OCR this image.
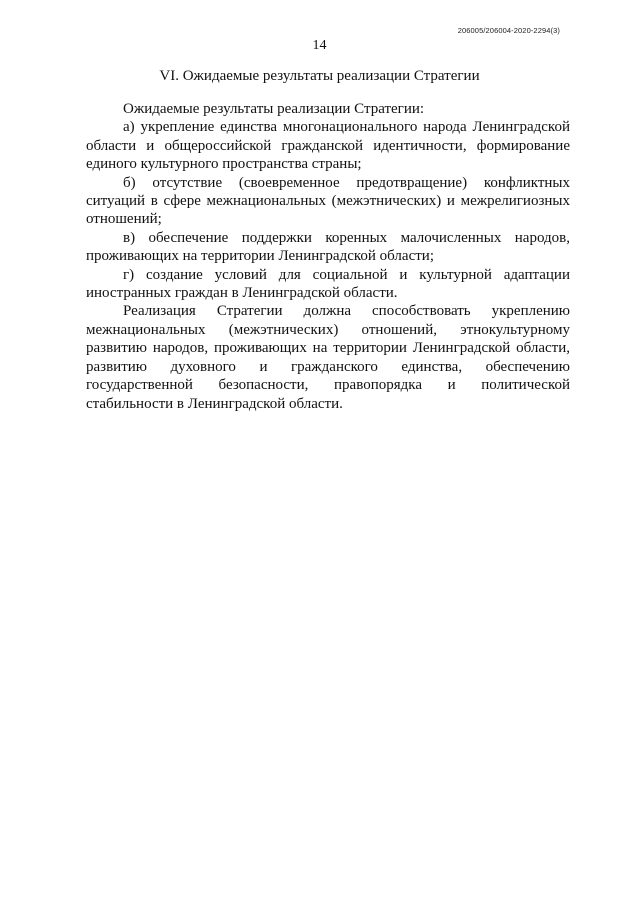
206005/206004-2020-2294(3)
14
VI. Ожидаемые результаты реализации Стратегии

Ожидаемые результаты реализации Стратегии:

а) укрепление единства многонационального народа Ленинградской области и общероссийской гражданской идентичности, формирование единого культурного пространства страны;

б) отсутствие (своевременное предотвращение) конфликтных ситуаций в сфере межнациональных (межэтнических) и межрелигиозных отношений;

в) обеспечение поддержки коренных малочисленных народов, проживающих на территории Ленинградской области;

г) создание условий для социальной и культурной адаптации иностранных граждан в Ленинградской области.

Реализация Стратегии должна способствовать укреплению межнациональных (межэтнических) отношений, этнокультурному развитию народов, проживающих на территории Ленинградской области, развитию духовного и гражданского единства, обеспечению государственной безопасности, правопорядка и политической стабильности в Ленинградской области.
